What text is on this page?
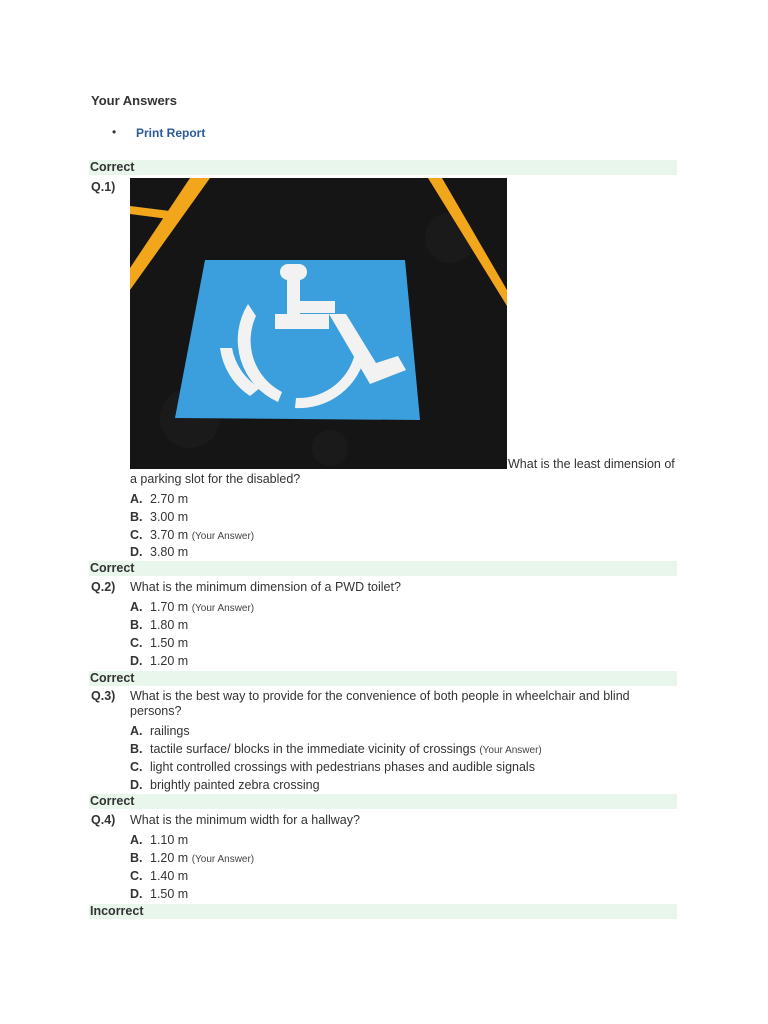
Your Answers
• Print Report
Correct
Q.1)
What is the least dimension of
a parking slot for the disabled?
A. 2.70 m
B. 3.00 m
C. 3.70 m (Your Answer)
D. 3.80 m
Correct
Q.2) What is the minimum dimension of a PWD toilet?
A. 1.70 m (Your Answer)
B. 1.80 m
C. 1.50 m
D. 1.20 m
Correct
Q.3) What is the best way to provide for the convenience of both people in wheelchair and blind persons?
A. railings
B. tactile surface/ blocks in the immediate vicinity of crossings (Your Answer)
C. light controlled crossings with pedestrians phases and audible signals
D. brightly painted zebra crossing
Correct
Q.4) What is the minimum width for a hallway?
A. 1.10 m
B. 1.20 m (Your Answer)
C. 1.40 m
D. 1.50 m
Incorrect
